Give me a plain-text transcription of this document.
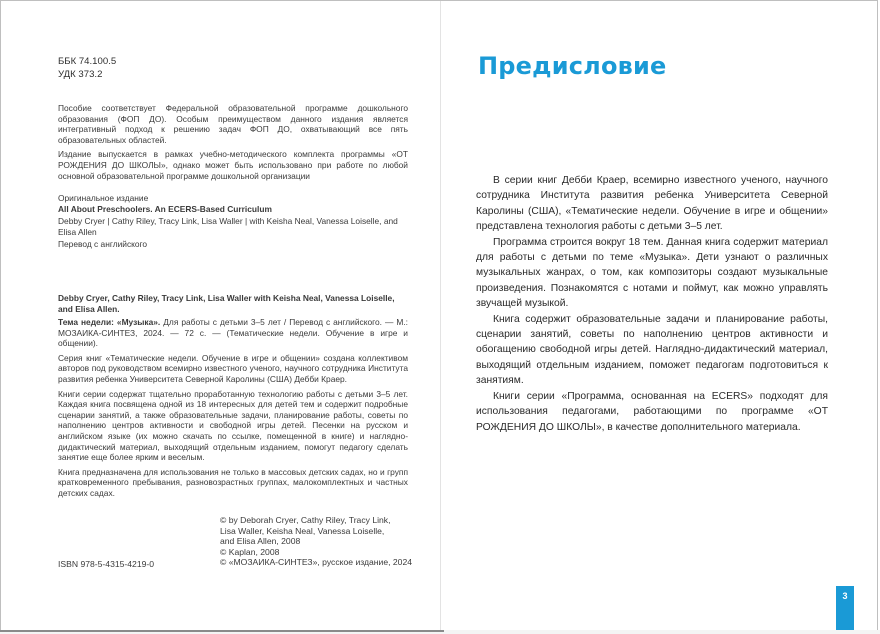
ББК 74.100.5
УДК 373.2

Пособие соответствует Федеральной образовательной программе дошкольного образования (ФОП ДО). Особым преимуществом данного издания является интегративный подход к решению задач ФОП ДО, охватывающий все пять образовательных областей.

Издание выпускается в рамках учебно-методического комплекта программы «ОТ РОЖДЕНИЯ ДО ШКОЛЫ», однако может быть использовано при работе по любой основной образовательной программе дошкольной организации

Оригинальное издание
All About Preschoolers. An ECERS-Based Curriculum
Debby Cryer | Cathy Riley, Tracy Link, Lisa Waller | with Keisha Neal, Vanessa Loiselle, and Elisa Allen
Перевод с английского
Debby Cryer, Cathy Riley, Tracy Link, Lisa Waller with Keisha Neal, Vanessa Loiselle, and Elisa Allen.

Тема недели: «Музыка». Для работы с детьми 3–5 лет / Перевод с английского. — М.: МОЗАИКА-СИНТЕЗ, 2024. — 72 с. — (Тематические недели. Обучение в игре и общении).

Серия книг «Тематические недели. Обучение в игре и общении» создана коллективом авторов под руководством всемирно известного ученого, научного сотрудника Института развития ребенка Университета Северной Каролины (США) Дебби Краер.

Книги серии содержат тщательно проработанную технологию работы с детьми 3–5 лет. Каждая книга посвящена одной из 18 интересных для детей тем и содержит подробные сценарии занятий, а также образовательные задачи, планирование работы, советы по наполнению центров активности и свободной игры детей. Песенки на русском и английском языке (их можно скачать по ссылке, помещенной в книге) и наглядно-дидактический материал, выходящий отдельным изданием, помогут педагогу сделать занятие еще более ярким и веселым.

Книга предназначена для использования не только в массовых детских садах, но и групп кратковременного пребывания, разновозрастных группах, малокомплектных и частных детских садах.

© by Deborah Cryer, Cathy Riley, Tracy Link,
Lisa Waller, Keisha Neal, Vanessa Loiselle,
and Elisa Allen, 2008
© Kaplan, 2008
© «МОЗАИКА-СИНТЕЗ», русское издание, 2024
ISBN 978-5-4315-4219-0
Предисловие

В серии книг Дебби Краер, всемирно известного ученого, научного сотрудника Института развития ребенка Университета Северной Каролины (США), «Тематические недели. Обучение в игре и общении» представлена технология работы с детьми 3–5 лет.

Программа строится вокруг 18 тем. Данная книга содержит материал для работы с детьми по теме «Музыка». Дети узнают о различных музыкальных жанрах, о том, как композиторы создают музыкальные произведения. Познакомятся с нотами и поймут, как можно управлять звучащей музыкой.

Книга содержит образовательные задачи и планирование работы, сценарии занятий, советы по наполнению центров активности и обогащению свободной игры детей. Наглядно-дидактический материал, выходящий отдельным изданием, поможет педагогам подготовиться к занятиям.

Книги серии «Программа, основанная на ECERS» подходят для использования педагогами, работающими по программе «ОТ РОЖДЕНИЯ ДО ШКОЛЫ», в качестве дополнительного материала.

3
